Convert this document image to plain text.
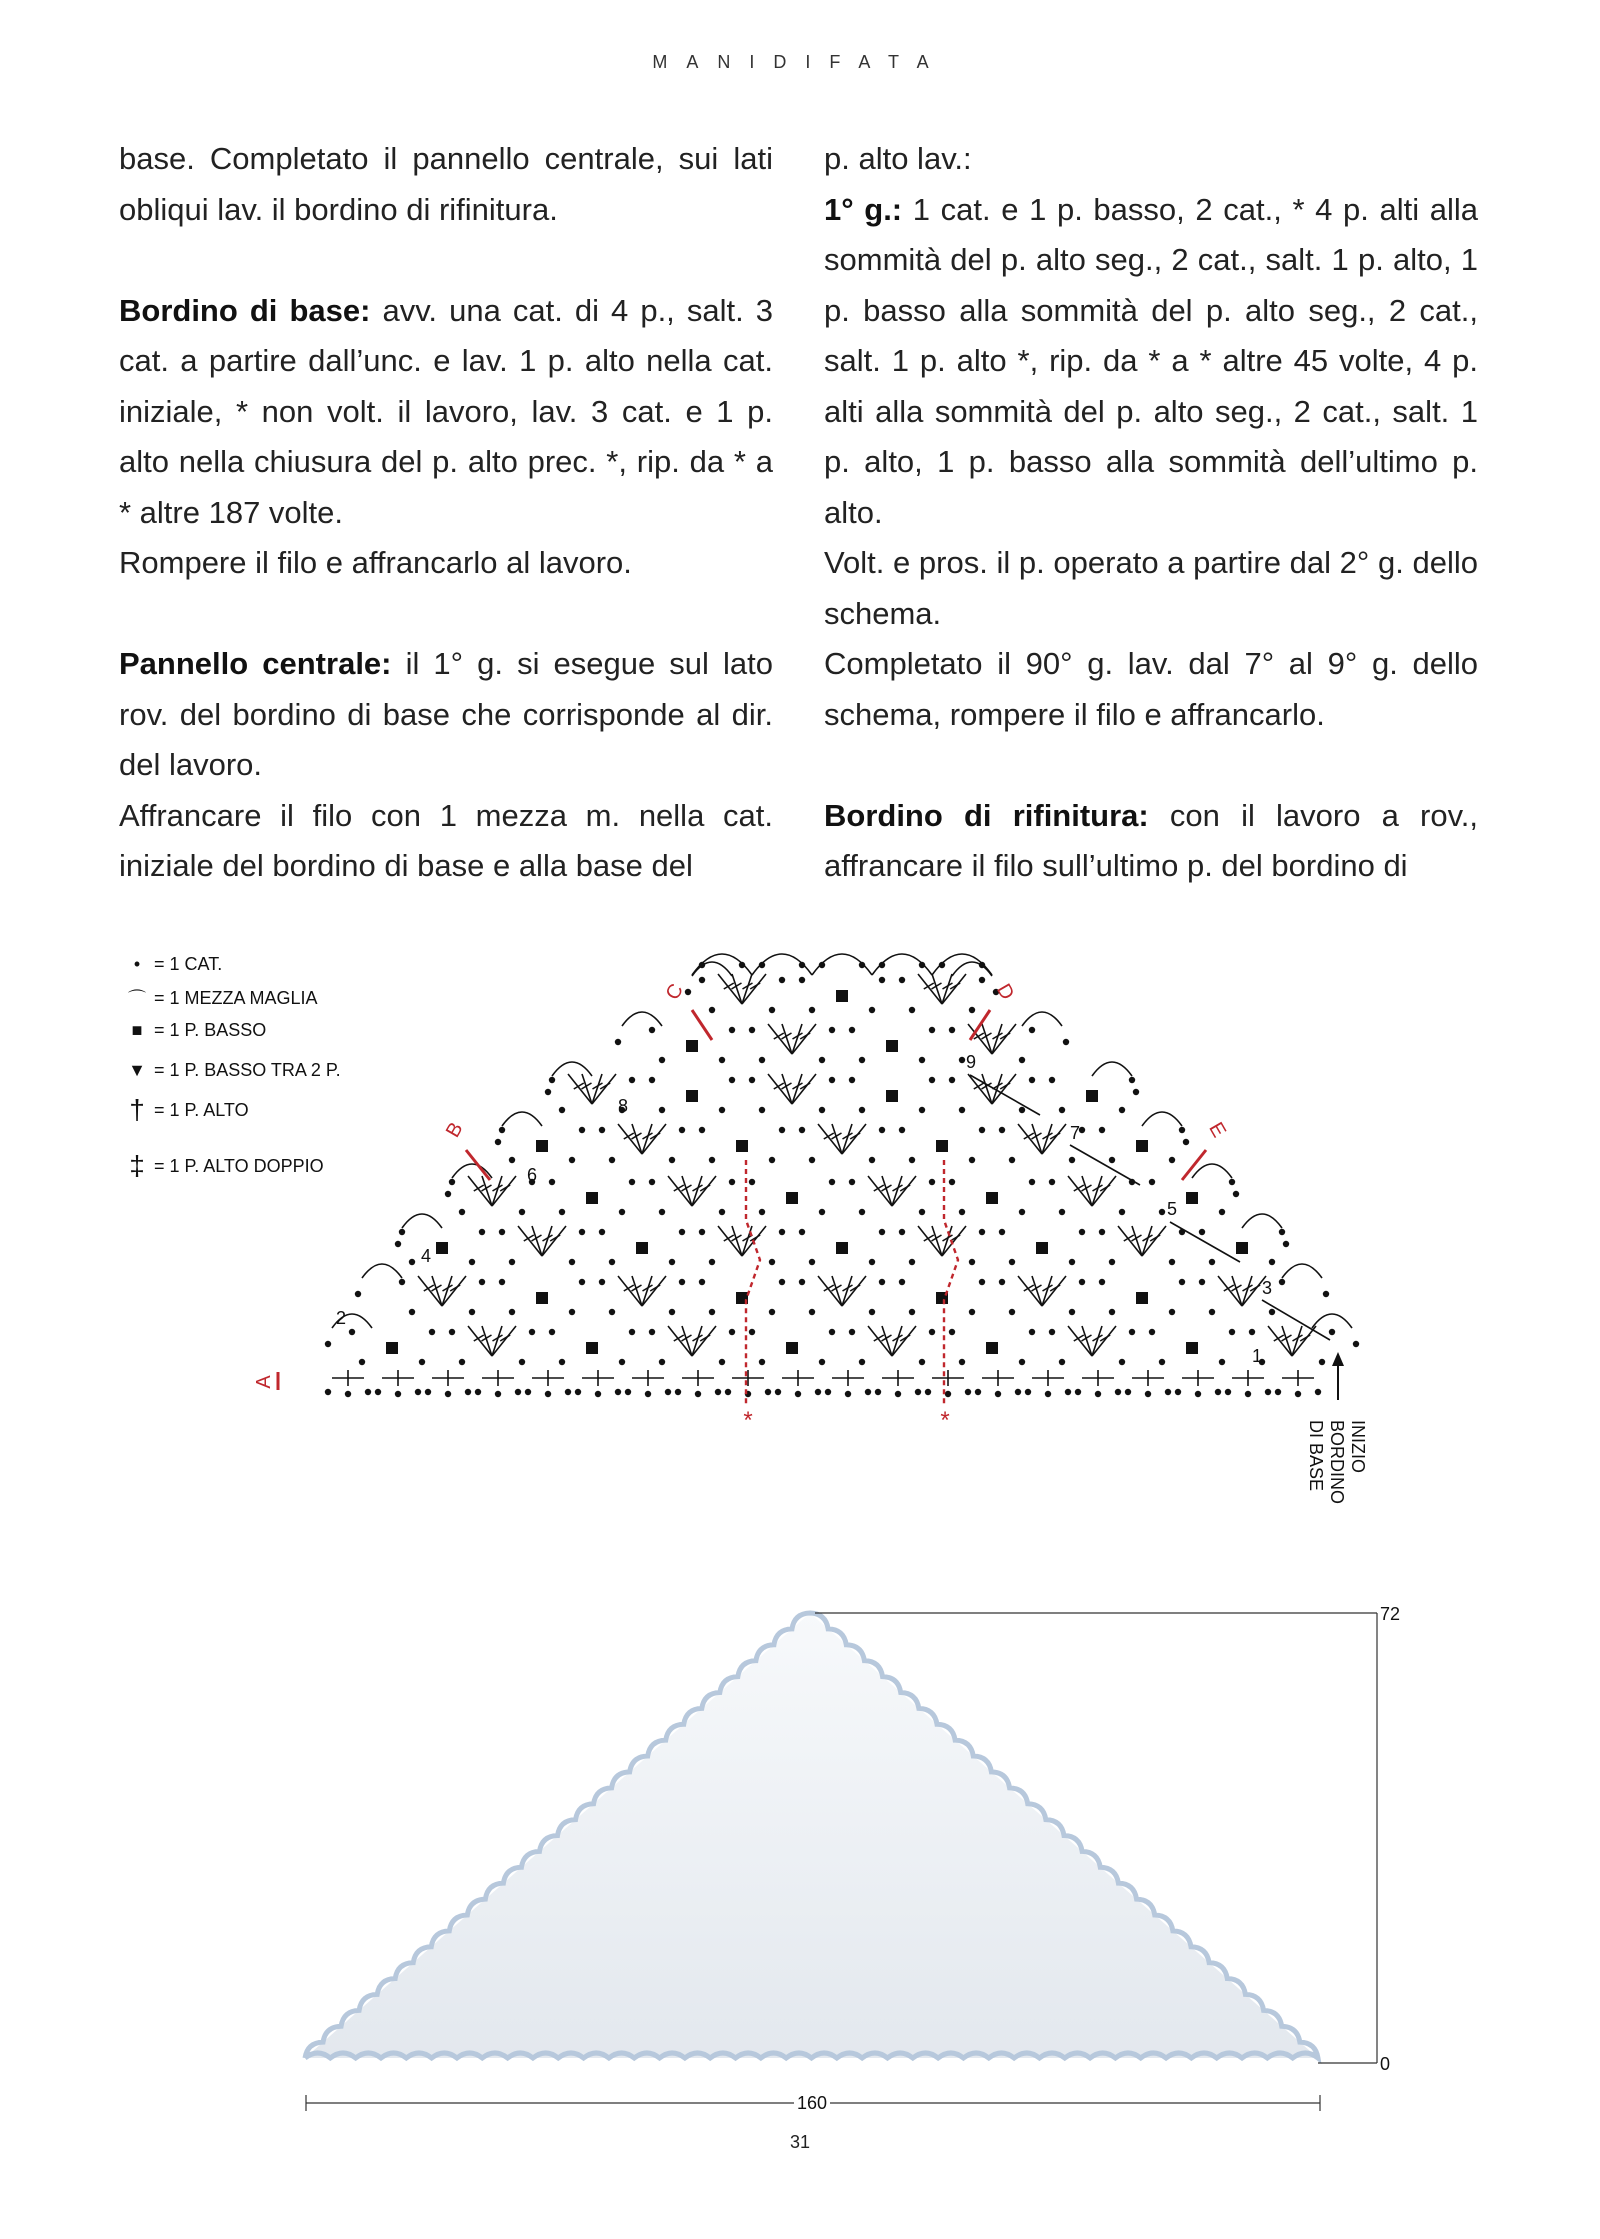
MANIDIFATA

base. Completato il pannello centrale, sui lati obliqui lav. il bordino di rifinitura.

Bordino di base: avv. una cat. di 4 p., salt. 3 cat. a partire dall’unc. e lav. 1 p. alto nella cat. iniziale, * non volt. il lavoro, lav. 3 cat. e 1 p. alto nella chiusura del p. alto prec. *, rip. da * a * altre 187 volte.

Rompere il filo e affrancarlo al lavoro.

Pannello centrale: il 1° g. si esegue sul lato rov. del bordino di base che corrisponde al dir. del lavoro.

Affrancare il filo con 1 mezza m. nella cat. iniziale del bordino di base e alla base del

p. alto lav.:

1° g.: 1 cat. e 1 p. basso, 2 cat., * 4 p. alti alla sommità del p. alto seg., 2 cat., salt. 1 p. alto, 1 p. basso alla sommità del p. alto seg., 2 cat., salt. 1 p. alto *, rip. da * a * altre 45 volte, 4 p. alti alla sommità del p. alto seg., 2 cat., salt. 1 p. alto, 1 p. basso alla sommità dell’ultimo p. alto.

Volt. e pros. il p. operato a partire dal 2° g. dello schema.

Completato il 90° g. lav. dal 7° al 9° g. dello schema, rompere il filo e affrancarlo.

Bordino di rifinitura: con il lavoro a rov., affrancare il filo sull’ultimo p. del bordino di

• = 1 CAT.
⌒ = 1 MEZZA MAGLIA
■ = 1 P. BASSO
▼ = 1 P. BASSO TRA 2 P.
† = 1 P. ALTO
‡ = 1 P. ALTO DOPPIO
1
2
3
4
5
6
7
8
9
A
B
C	D
E
*	*	INIZIO
BORDINO
DI BASE
72
0
160
31
